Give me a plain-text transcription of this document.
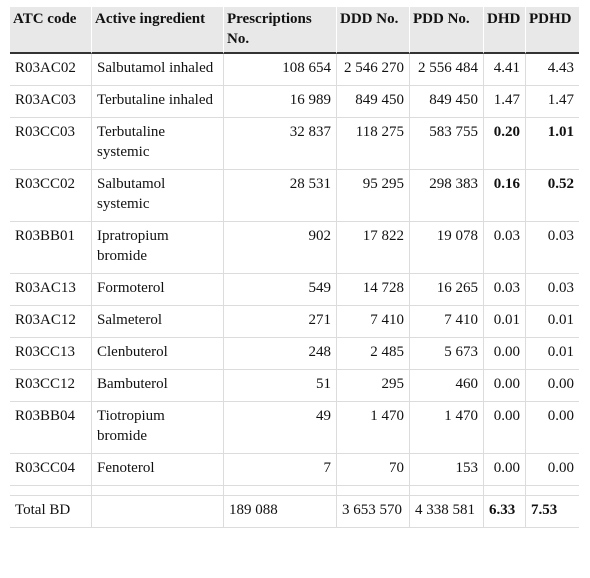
ATC code	Active ingredient	Prescriptions No.	DDD No.	PDD No.	DHD	PDHD
R03AC02	Salbutamol inhaled	108 654	2 546 270	2 556 484	4.41	4.43
R03AC03	Terbutaline inhaled	16 989	849 450	849 450	1.47	1.47
R03CC03	Terbutaline systemic	32 837	118 275	583 755	0.20	1.01
R03CC02	Salbutamol systemic	28 531	95 295	298 383	0.16	0.52
R03BB01	Ipratropium bromide	902	17 822	19 078	0.03	0.03
R03AC13	Formoterol	549	14 728	16 265	0.03	0.03
R03AC12	Salmeterol	271	7 410	7 410	0.01	0.01
R03CC13	Clenbuterol	248	2 485	5 673	0.00	0.01
R03CC12	Bambuterol	51	295	460	0.00	0.00
R03BB04	Tiotropium bromide	49	1 470	1 470	0.00	0.00
R03CC04	Fenoterol	7	70	153	0.00	0.00

Total BD		189 088	3 653 570	4 338 581	6.33	7.53
